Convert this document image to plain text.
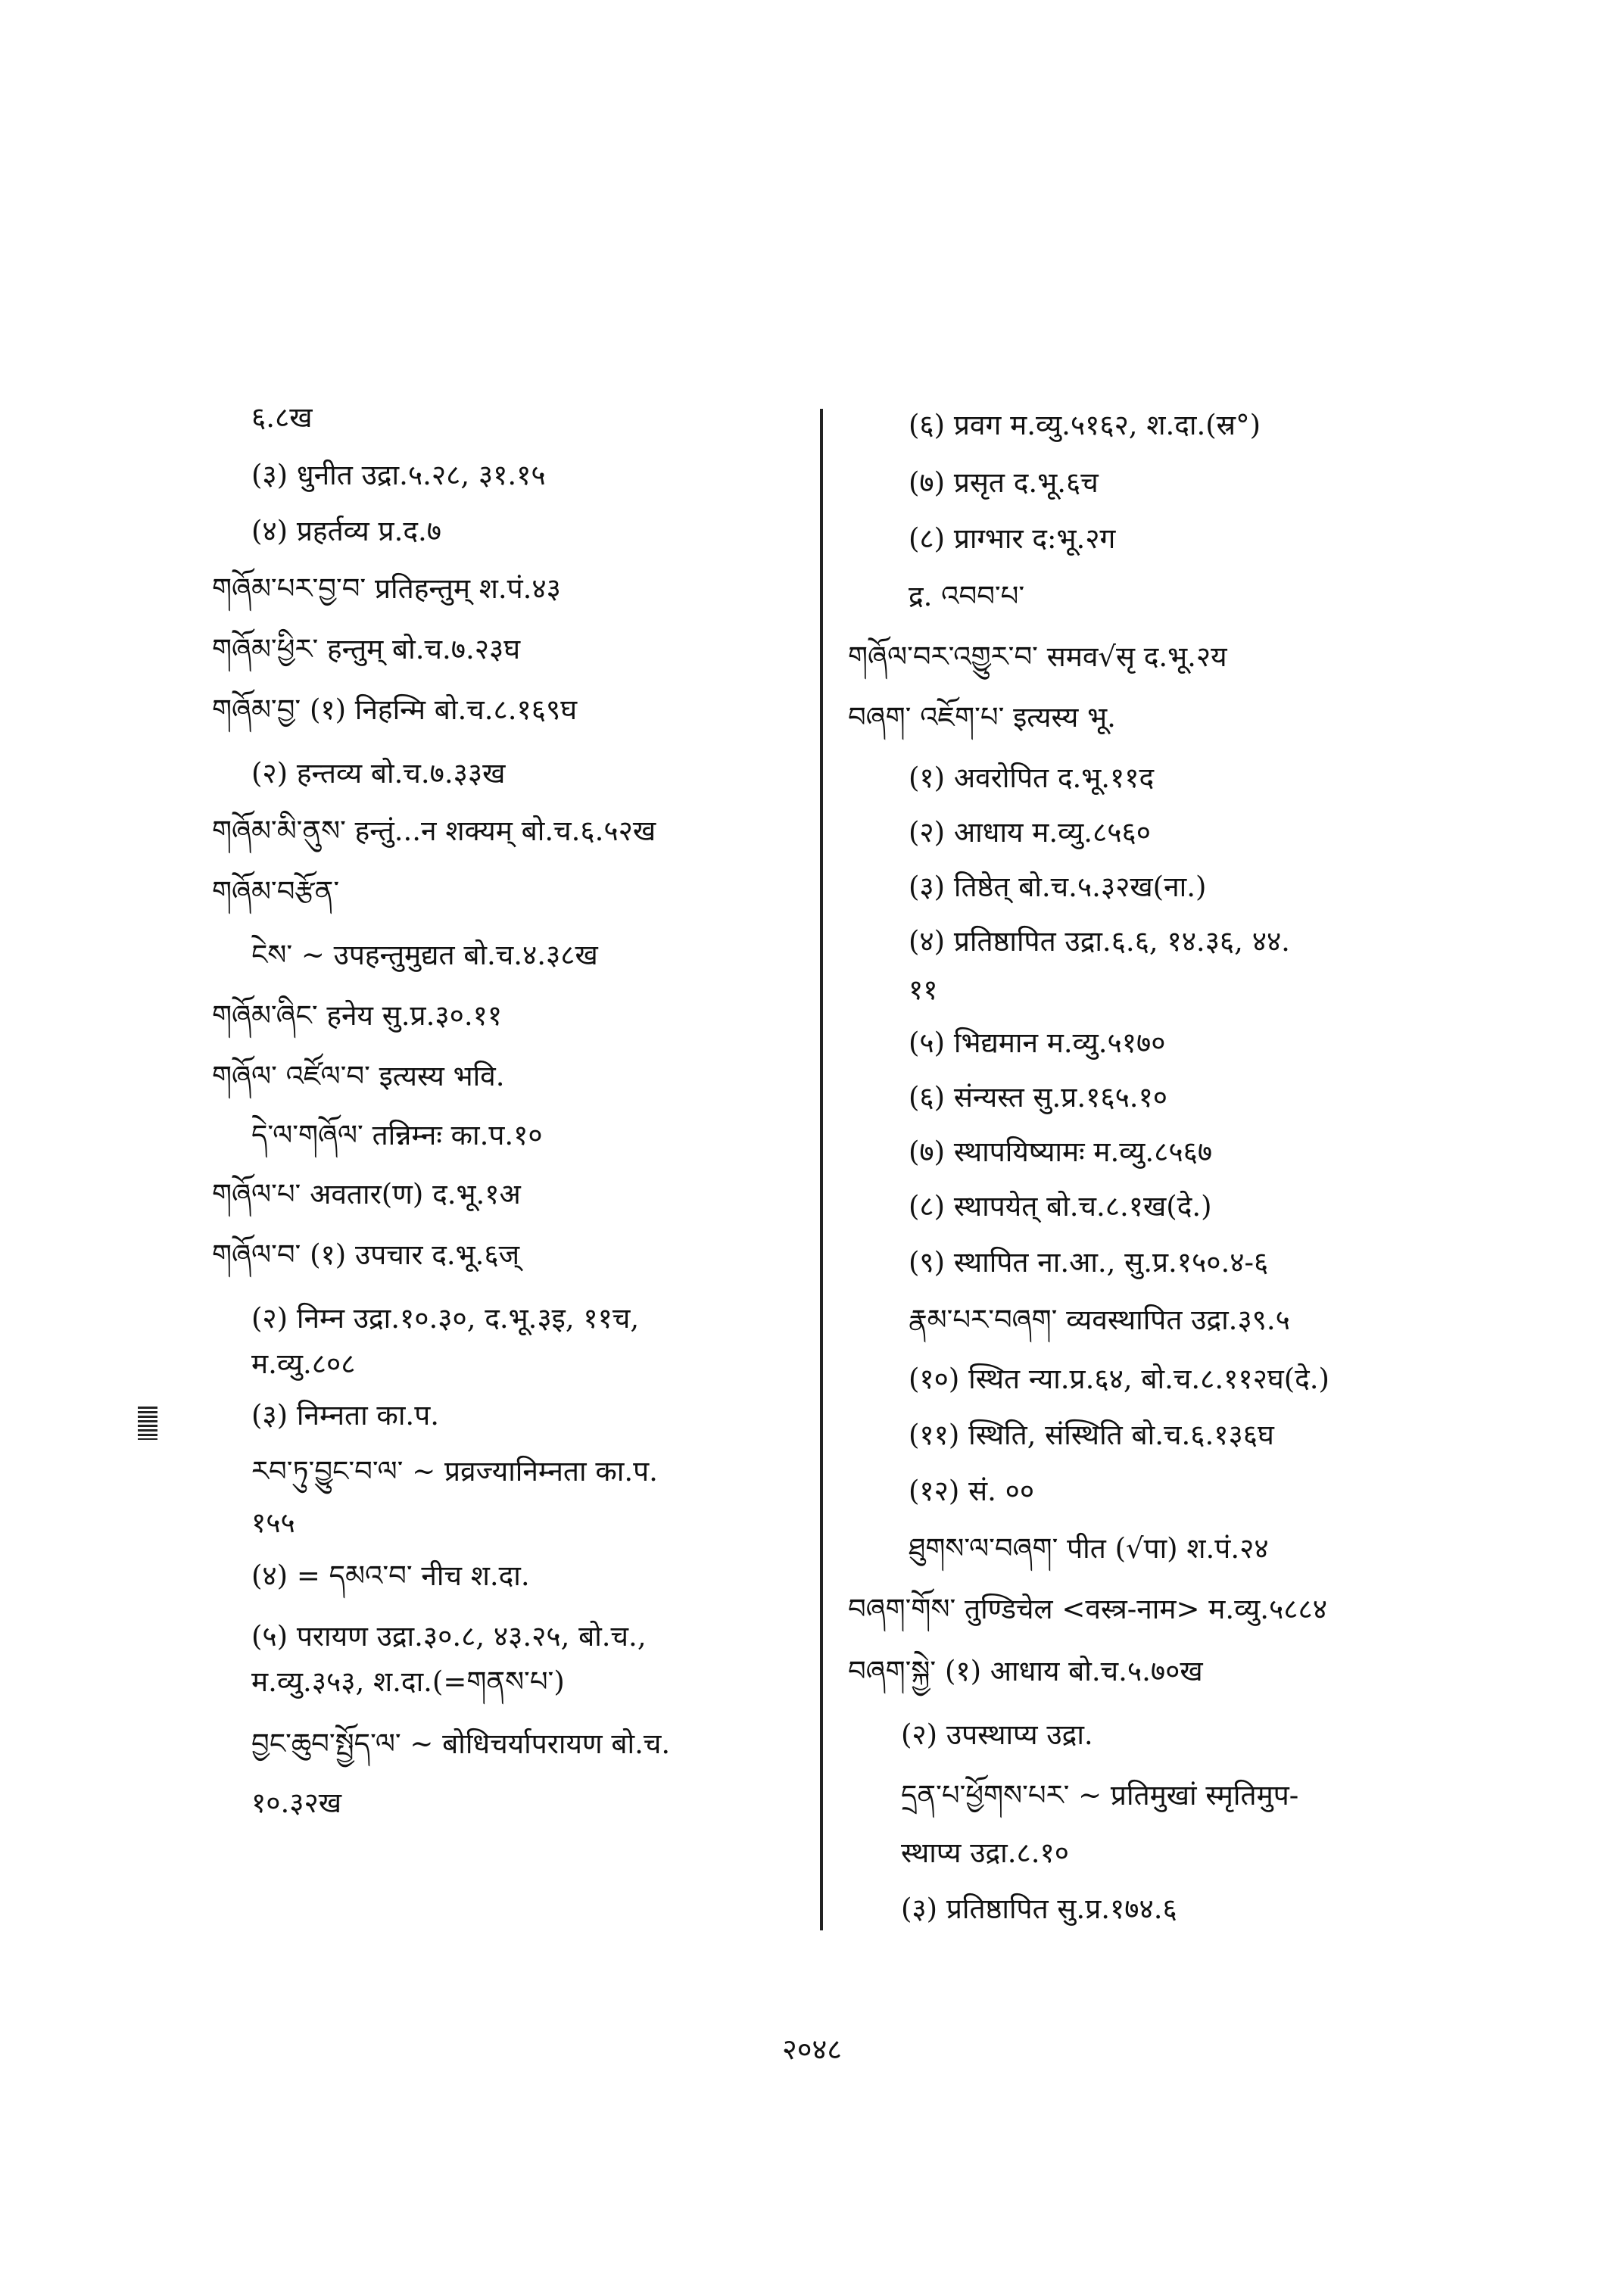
६.८ख
(३) धुनीत उद्रा.५.२८, ३१.१५
(४) प्रहर्तव्य प्र.द.७
གཞོམ་པར་བྱ་བ་ प्रतिहन्तुम् श.पं.४३
གཞོམ་ཕྱིར་ हन्तुम् बो.च.७.२३घ
གཞོམ་བྱ་ (१) निहन्मि बो.च.८.१६९घ
(२) हन्तव्य बो.च.७.३३ख
གཞོམ་མི་ནུས་ हन्तुं...न शक्यम् बो.च.६.५२ख
གཞོམ་བརྩོན་
ངེས་ ~ उपहन्तुमुद्यत बो.च.४.३८ख
གཞོམ་ཞིང་ हनेय सु.प्र.३०.११
གཞོལ་ འཛོལ་བ་ इत्यस्य भवि.
དེ་ལ་གཞོལ་ तन्निम्नः का.प.१०
གཞོལ་པ་ अवतार(ण) द.भू.१अ
གཞོལ་བ་ (१) उपचार द.भू.६ज्
(२) निम्न उद्रा.१०.३०, द.भू.३इ, ११च,
म.व्यु.८०८
(३) निम्नता का.प.
རབ་ཏུ་བྱུང་བ་ལ་ ~ प्रव्रज्यानिम्नता का.प.
१५५
(४) = དམའ་བ་ नीच श.दा.
(५) परायण उद्रा.३०.८, ४३.२५, बो.च.,
म.व्यु.३५३, श.दा.(=གནས་པ་)
བྱང་ཆུབ་སྤྱོད་ལ་ ~ बोधिचर्यापरायण बो.च.
१०.३२ख
(६) प्रवग म.व्यु.५१६२, श.दा.(स्र°)
(७) प्रसृत द.भू.६च
(८) प्राग्भार द:भू.२ग
द्र. འབབ་པ་
གཞོལ་བར་འགྱུར་བ་ समव√सृ द.भू.२य
བཞག་ འཇོག་པ་ इत्यस्य भू.
(१) अवरोपित द.भू.११द
(२) आधाय म.व्यु.८५६०
(३) तिष्ठेत् बो.च.५.३२ख(ना.)
(४) प्रतिष्ठापित उद्रा.६.६, १४.३६, ४४.
११
(५) भिद्यमान म.व्यु.५१७०
(६) संन्यस्त सु.प्र.१६५.१०
(७) स्थापयिष्यामः म.व्यु.८५६७
(८) स्थापयेत् बो.च.८.१ख(दे.)
(९) स्थापित ना.आ., सु.प्र.१५०.४-६
རྣམ་པར་བཞག་ व्यवस्थापित उद्रा.३९.५
(१०) स्थित न्या.प्र.६४, बो.च.८.११२घ(दे.)
(११) स्थिति, संस्थिति बो.च.६.१३६घ
(१२) सं. ००
ཐུགས་ལ་བཞག་ पीत (√पा) श.पं.२४
བཞག་གོས་ तुण्डिचेल <वस्त्र-नाम> म.व्यु.५८८४
བཞག་སྐྱེ་ (१) आधाय बो.च.५.७०ख
(२) उपस्थाप्य उद्रा.
དྲན་པ་ཕྱོགས་པར་ ~ प्रतिमुखां स्मृतिमुप-
स्थाप्य उद्रा.८.१०
(३) प्रतिष्ठापित सु.प्र.१७४.६
२०४८
